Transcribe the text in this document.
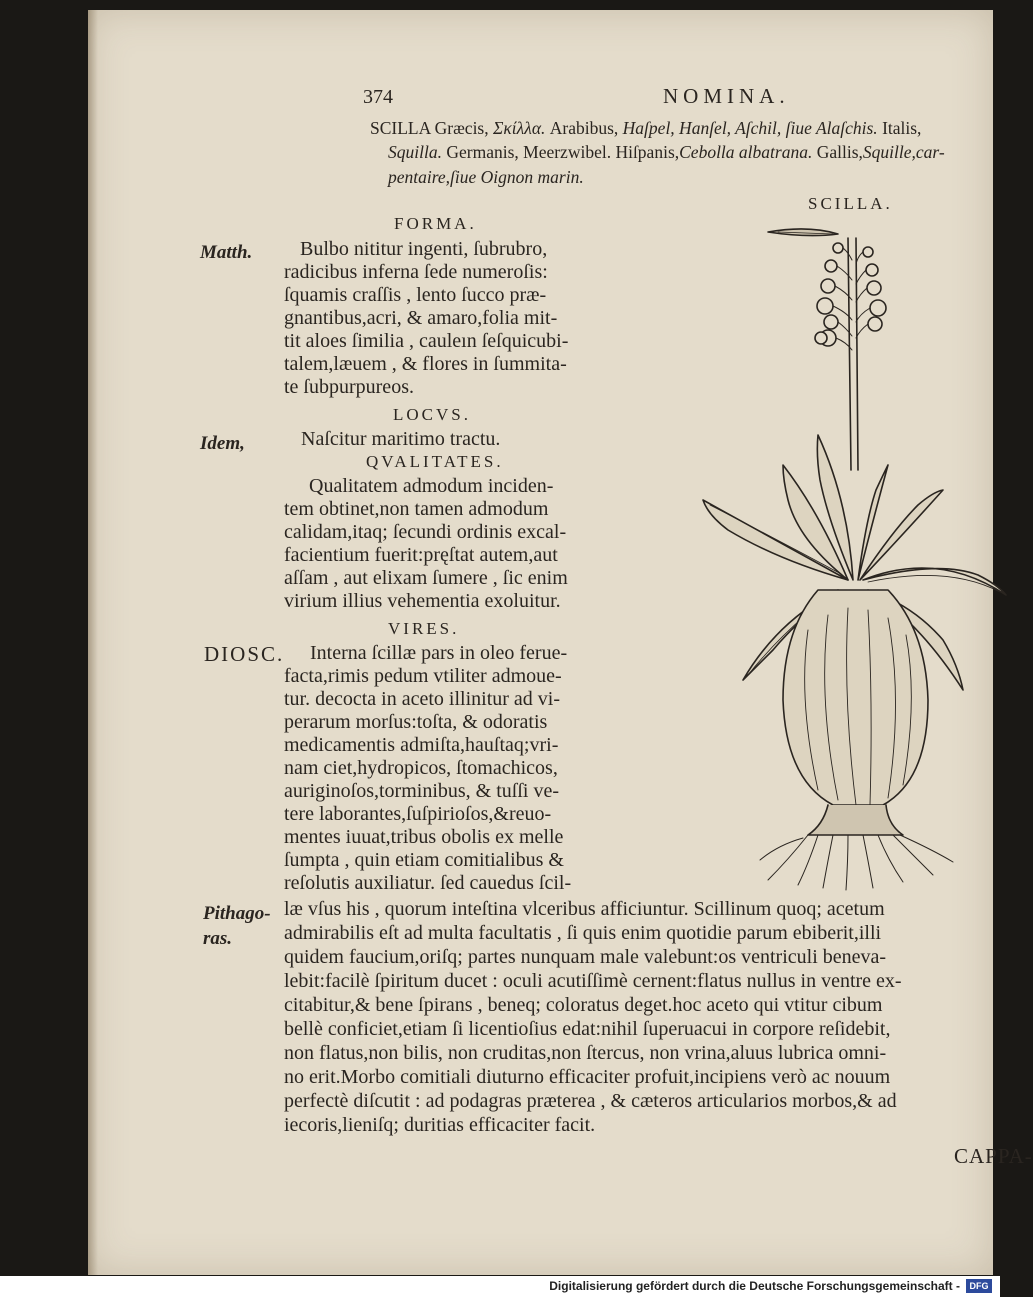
374	NOMINA.
SCILLA Græcis, Σκίλλα. Arabibus, Haſpel, Hanſel, Aſchil, ſiue Alaſchis. Italis,
Squilla. Germanis, Meerzwibel. Hiſpanis,Cebolla albatrana. Gallis,Squille,car-
pentaire,ſiue Oignon marin.
SCILLA.
FORMA.
Matth. Bulbo nititur ingenti, ſubrubro,
radicibus inferna ſede numeroſis:
ſquamis craſſis , lento ſucco præ-
gnantibus,acri, & amaro,folia mit-
tit aloes ſimilia , cauleın ſeſquicubi-
talem,læuem , & flores in ſummita-
te ſubpurpureos.
LOCVS.
Idem,	Naſcitur maritimo tractu.
QVALITATES.
Qualitatem admodum inciden-
tem obtinet,non tamen admodum
calidam,itaq; ſecundi ordinis excal-
facientium fuerit:pręſtat autem,aut
aſſam , aut elixam ſumere , ſic enim
virium illius vehementia exoluitur.
VIRES.
DIOSC. Interna ſcillæ pars in oleo ferue-
facta,rimis pedum vtiliter admoue-
tur. decocta in aceto illinitur ad vi-
perarum morſus:toſta, & odoratis
medicamentis admiſta,hauſtaq;vri-
nam ciet,hydropicos, ſtomachicos,
auriginoſos,torminibus, & tuſſi ve-
tere laborantes,ſuſpirioſos,&reuo-
mentes iuuat,tribus obolis ex melle
ſumpta , quin etiam comitialibus &
reſolutis auxiliatur. ſed cauedus ſcil-
Pithago-
ras.
læ vſus his , quorum inteſtina vlceribus afficiuntur. Scillinum quoq; acetum
admirabilis eſt ad multa facultatis , ſi quis enim quotidie parum ebiberit,illi
quidem faucium,oriſq; partes nunquam male valebunt:os ventriculi beneva-
lebit:facilè ſpiritum ducet : oculi acutiſſimè cernent:flatus nullus in ventre ex-
citabitur,& bene ſpirans , beneq; coloratus deget.hoc aceto qui vtitur cibum
bellè conficiet,etiam ſi licentioſius edat:nihil ſuperuacui in corpore reſidebit,
non flatus,non bilis, non cruditas,non ſtercus, non vrina,aluus lubrica omni-
no erit.Morbo comitiali diuturno efficaciter profuit,incipiens verò ac nouum
perfectè diſcutit : ad podagras præterea , & cæteros articularios morbos,& ad
iecoris,lieniſq; duritias efficaciter facit.
CAPPA-
Digitalisierung gefördert durch die Deutsche Forschungsgemeinschaft -	DFG
